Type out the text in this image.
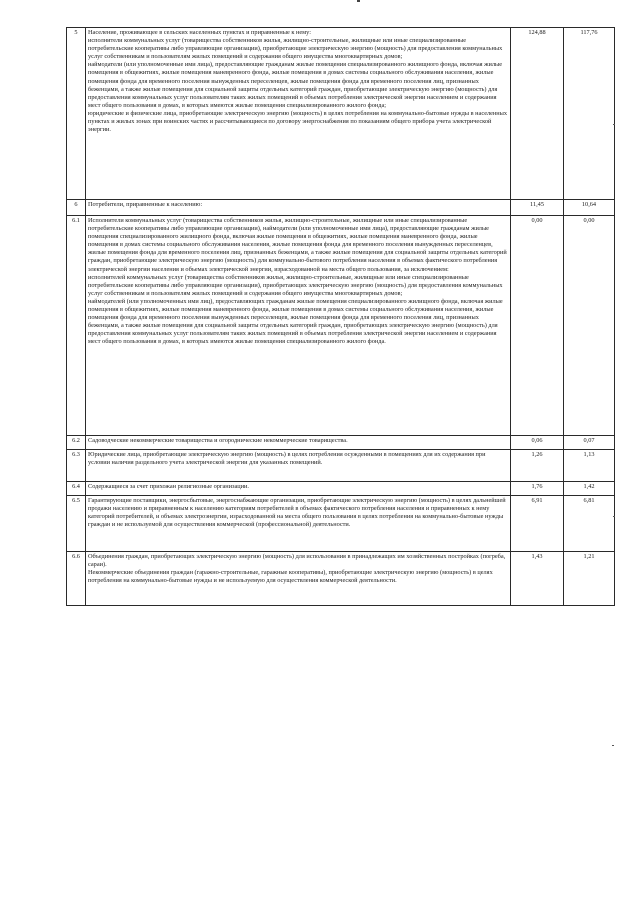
5	Население, проживающее в сельских населенных пунктах и приравненные к нему:
исполнители коммунальных услуг (товарищества собственников жилья, жилищно-строительные, жилищные или иные специализированные потребительские кооперативы либо управляющие организации), приобретающие электрическую энергию (мощность) для предоставления коммунальных услуг собственникам и пользователям жилых помещений и содержания общего имущества многоквартирных домов;
наймодатели (или уполномоченные ими лица), предоставляющие гражданам жилые помещения специализированного жилищного фонда, включая жилые помещения в общежитиях, жилые помещения маневренного фонда, жилые помещения в домах системы социального обслуживания населения, жилые помещения фонда для временного поселения вынужденных переселенцев, жилые помещения фонда для временного поселения лиц, признанных беженцами, а также жилые помещения для социальной защиты отдельных категорий граждан, приобретающие электрическую энергию (мощность) для предоставления коммунальных услуг пользователям таких жилых помещений в объемах потребления электрической энергии населением и содержания мест общего пользования в домах, в которых имеются жилые помещения специализированного жилого фонда;
юридические и физические лица, приобретающие электрическую энергию (мощность) в целях потребления на коммунально-бытовые нужды в населенных пунктах и жилых зонах при воинских частях и рассчитывающиеся по договору энергоснабжения по показаниям общего прибора учета электрической энергии.	124,88	117,76
6	Потребители, приравненные к населению:	11,45	10,64
6.1	Исполнители коммунальных услуг (товарищества собственников жилья, жилищно-строительные, жилищные или иные специализированные потребительские кооперативы либо управляющие организации), наймодатели (или уполномоченные ими лица), предоставляющие гражданам жилые помещения специализированного жилищного фонда, включая жилые помещения в общежитиях, жилые помещения маневренного фонда, жилые помещения в домах системы социального обслуживания населения, жилые помещения фонда для временного поселения вынужденных переселенцев, жилые помещения фонда для временного поселения лиц, признанных беженцами, а также жилые помещения для социальной защиты отдельных категорий граждан, приобретающие электрическую энергию (мощность) для коммунально-бытового потребления населения в объемах фактического потребления электрической энергии населения и объемах электрической энергии, израсходованной на места общего пользования, за исключением:
исполнителей коммунальных услуг (товарищества собственников жилья, жилищно-строительные, жилищные или иные специализированные потребительские кооперативы либо управляющие организации), приобретающих электрическую энергию (мощность) для предоставления коммунальных услуг собственникам и пользователям жилых помещений и содержания общего имущества многоквартирных домов;
наймодателей (или уполномоченных ими лиц), предоставляющих гражданам жилые помещения специализированного жилищного фонда, включая жилые помещения в общежитиях, жилые помещения маневренного фонда, жилые помещения в домах системы социального обслуживания населения, жилые помещения фонда для временного поселения вынужденных переселенцев, жилые помещения фонда для временного поселения лиц, признанных беженцами, а также жилые помещения для социальной защиты отдельных категорий граждан, приобретающих электрическую энергию (мощность) для предоставления коммунальных услуг пользователям таких жилых помещений в объемах потребления электрической энергии населением и содержания мест общего пользования в домах, в которых имеются жилые помещения специализированного жилого фонда.	0,00	0,00
6.2	Садоводческие некоммерческие товарищества и огороднические некоммерческие товарищества.	0,06	0,07
6.3	Юридические лица, приобретающие электрическую энергию (мощность) в целях потребления осужденными в помещениях для их содержания при условии наличия раздельного учета электрической энергии для указанных помещений.	1,26	1,13
6.4	Содержащиеся за счет прихожан религиозные организации.	1,76	1,42
6.5	Гарантирующие поставщики, энергосбытовые, энергоснабжающие организации, приобретающие электрическую энергию (мощность) в целях дальнейшей продажи населению и приравненным к населению категориям потребителей в объемах фактического потребления населения и приравненных к нему категорий потребителей, и объемах электроэнергии, израсходованной на места общего пользования в целях потребления на коммунально-бытовые нужды граждан и не используемой для осуществления коммерческой (профессиональной) деятельности.	6,91	6,81
6.6	Объединения граждан, приобретающих электрическую энергию (мощность) для использования в принадлежащих им хозяйственных постройках (погреба, сараи).
Некоммерческие объединения граждан (гаражно-строительные, гаражные кооперативы), приобретающие электрическую энергию (мощность) в целях потребления на коммунально-бытовые нужды и не используемую для осуществления коммерческой деятельности.	1,43	1,21
